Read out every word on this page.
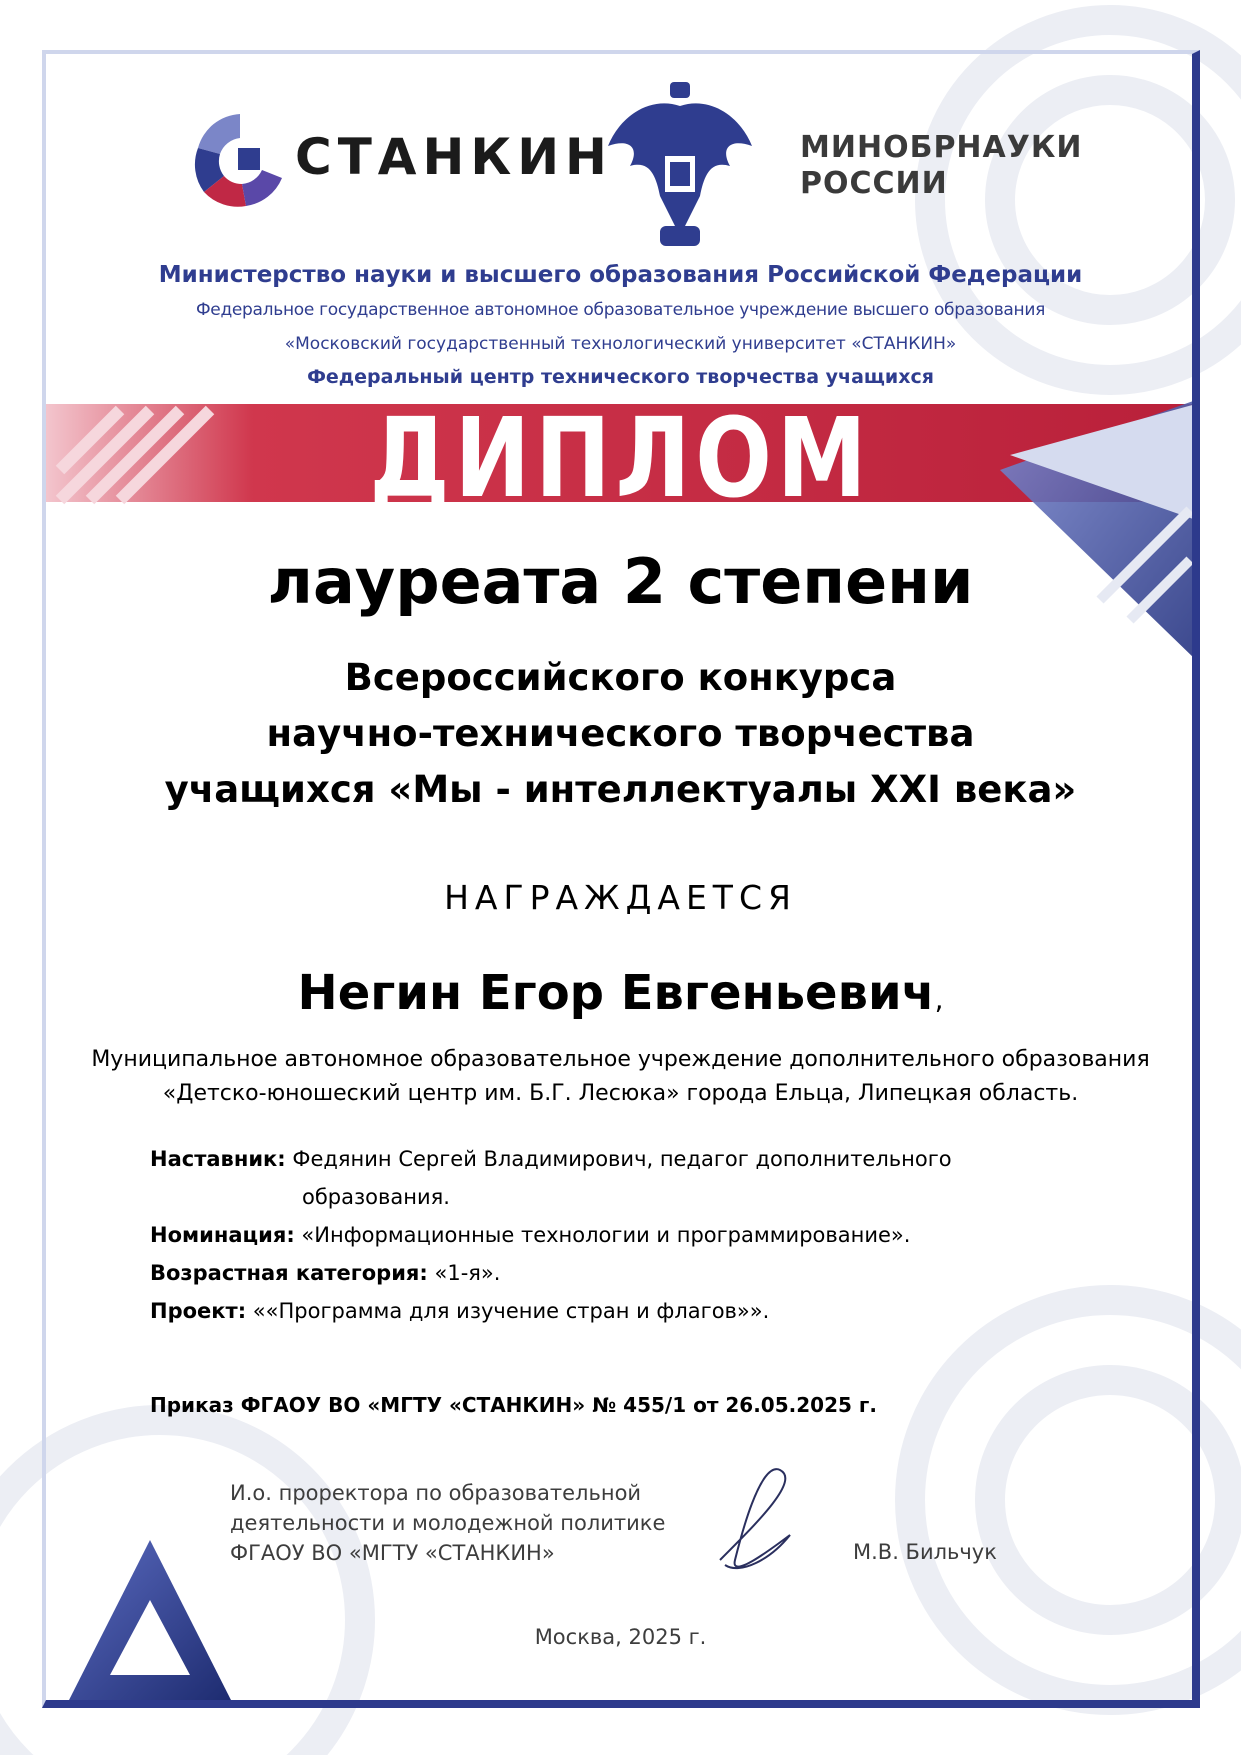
СТАНКИН	МИНОБРНАУКИ
РОССИИ
Министерство науки и высшего образования Российской Федерации
Федеральное государственное автономное образовательное учреждение высшего образования
«Московский государственный технологический университет «СТАНКИН»
Федеральный центр технического творчества учащихся
ДИПЛОМ
лауреата 2 степени
Всероссийского конкурса
научно-технического творчества
учащихся «Мы - интеллектуалы XXI века»
НАГРАЖДАЕТСЯ
Негин Егор Евгеньевич,
Муниципальное автономное образовательное учреждение дополнительного образования
«Детско-юношеский центр им. Б.Г. Лесюка» города Ельца, Липецкая область.
Наставник: Федянин Сергей Владимирович, педагог дополнительного
образования.
Номинация: «Информационные технологии и программирование».
Возрастная категория: «1-я».
Проект: ««Программа для изучение стран и флагов»».
Приказ ФГАОУ ВО «МГТУ «СТАНКИН» № 455/1 от 26.05.2025 г.
И.о. проректора по образовательной
деятельности и молодежной политике
ФГАОУ ВО «МГТУ «СТАНКИН»	М.В. Бильчук
Москва, 2025 г.
